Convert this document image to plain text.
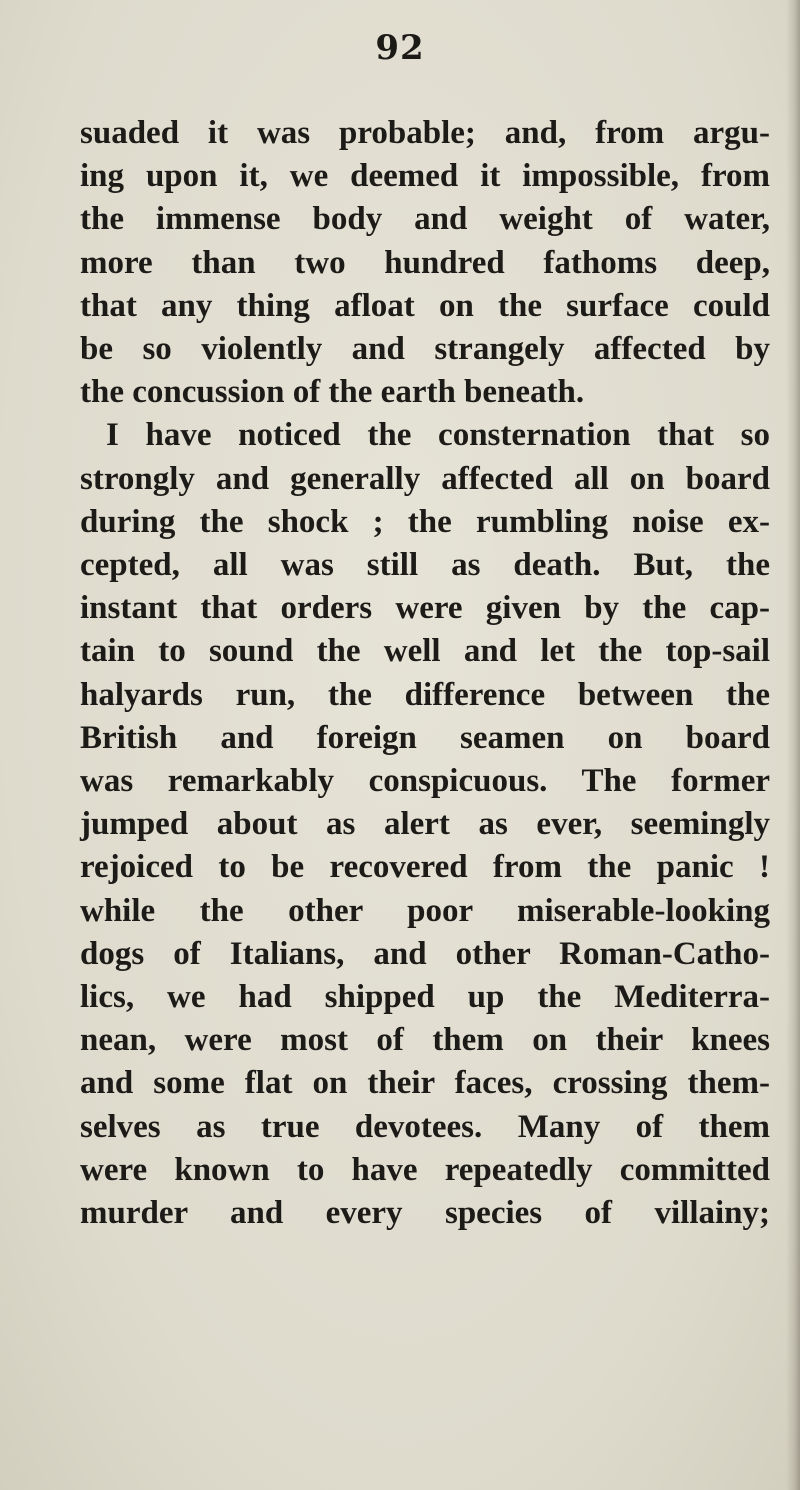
92
suaded it was probable; and, from argu-
ing upon it, we deemed it impossible, from
the immense body and weight of water,
more than two hundred fathoms deep,
that any thing afloat on the surface could
be so violently and strangely affected by
the concussion of the earth beneath.
I have noticed the consternation that so
strongly and generally affected all on board
during the shock ; the rumbling noise ex-
cepted, all was still as death. But, the
instant that orders were given by the cap-
tain to sound the well and let the top-sail
halyards run, the difference between the
British and foreign seamen on board
was remarkably conspicuous. The former
jumped about as alert as ever, seemingly
rejoiced to be recovered from the panic !
while the other poor miserable-looking
dogs of Italians, and other Roman-Catho-
lics, we had shipped up the Mediterra-
nean, were most of them on their knees
and some flat on their faces, crossing them-
selves as true devotees. Many of them
were known to have repeatedly committed
murder and every species of villainy;
